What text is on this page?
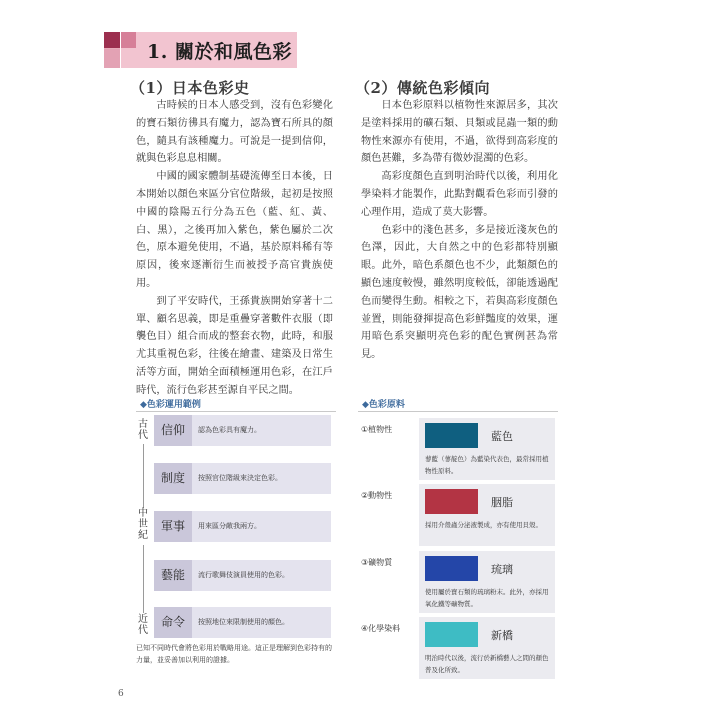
1. 關於和風色彩
（1）日本色彩史

古時候的日本人感受到，沒有色彩變化的寶石類彷彿具有魔力，認為寶石所具的顏色，隨具有該種魔力。可說是一提到信仰，就與色彩息息相關。

中國的國家體制基礎流傳至日本後，日本開始以顏色來區分官位階級，起初是按照中國的陰陽五行分為五色（藍、紅、黃、白、黑），之後再加入紫色，紫色屬於二次色，原本避免使用，不過，基於原料稀有等原因，後來逐漸衍生而被授予高官貴族使用。

到了平安時代，王孫貴族開始穿著十二單、顧名思義，即是重疊穿著數件衣服（即襲色目）組合而成的整套衣物，此時，和服尤其重視色彩，往後在繪畫、建築及日常生活等方面，開始全面積極運用色彩，在江戶時代，流行色彩甚至源自平民之間。

（2）傳統色彩傾向

日本色彩原料以植物性來源居多，其次是塗料採用的礦石類、貝類或昆蟲一類的動物性來源亦有使用，不過，欲得到高彩度的顏色甚難，多為帶有微妙混濁的色彩。

高彩度顏色直到明治時代以後，利用化學染料才能製作，此點對觀看色彩而引發的心理作用，造成了莫大影響。

色彩中的淺色甚多，多是接近淺灰色的色澤，因此，大自然之中的色彩都特別顯眼。此外，暗色系顏色也不少，此類顏色的顯色速度較慢，雖然明度較低，卻能透過配色而變得生動。相較之下，若與高彩度顏色並置，則能發揮提高色彩鮮豔度的效果，運用暗色系突顯明亮色彩的配色實例甚為常見。

◆色彩運用範例
古代
中世紀
近代
信仰	認為色彩具有魔力。
制度	按照官位階級來決定色彩。
軍事	用來區分敵我兩方。
藝能	流行歌舞伎演員使用的色彩。
命令	按照地位來限制使用的顏色。
已知不同時代會將色彩用於戰略用途。這正是理解到色彩持有的力量，並妥善加以利用的證據。
◆色彩原料
①植物性
藍色
蓼藍（蓼靛色）為藍染代表色，最常採用植物性原料。
②動物性
胭脂
採用介殼蟲分泌液製成，亦有使用貝殼。
③礦物質
琉璃
使用屬於寶石類的琉璃粉末。此外，亦採用氧化鐵等礦物質。
④化學染料
新橋
明治時代以後，流行於新橋藝人之間的顏色普及化所致。
6
